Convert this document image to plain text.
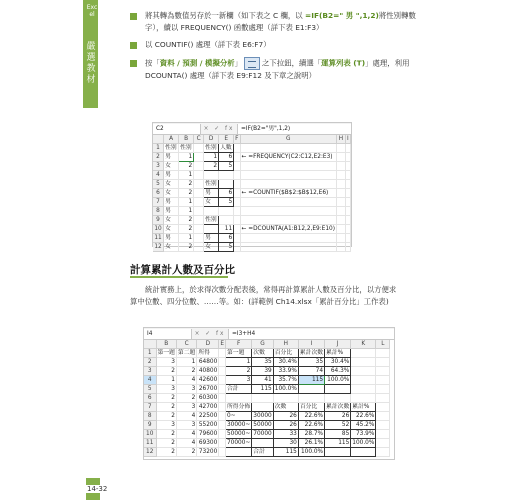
嚴
選
教
材
Excel	將其轉為數值另存於一新欄（如下表之 C 欄，以 =IF(B2=" 男 ",1,2)將性別轉數字），續以 FREQUENCY() 函數處理（詳下表 E1:F3）
以 COUNTIF() 處理（詳下表 E6:F7）
按「資料 / 預測 / 模擬分析」	之下拉鈕，續選「運算列表 (T)」處理，利用 DCOUNTA() 處理（詳下表 E9:F12 及下章之說明）
C2	× ✓ fx	=IF(B2="男",1,2)
	A	B	C	D	E	F	G	H	I
1	性別	性別		性別	人數				
2	男	1		1	6		← =FREQUENCY(C2:C12,E2:E3)		
3	女	2		2	5				
4	男	1							
5	女	2		性別					
6	女	2		男	6		← =COUNTIF($B$2:$B$12,E6)		
7	男	1		女	5				
8	男	1							
9	女	2		性別					
10	女	2			11		← =DCOUNTA(A1:B12,2,E9:E10)		
11	男	1		男	6				
12	女	2		女	5				
計算累計人數及百分比
統計實務上，於求得次數分配表後，常得再計算累計人數及百分比，以方便求算中位數、四分位數、……等。如：(詳範例 Ch14.xlsx「累計百分比」工作表)
I4	× ✓ fx	=I3+H4
	B	C	D	E	F	G	H	I	J	K	L
1	第一題	第二題	所得		第一題	次數	百分比	累計次數	累計%		
2	3	1	64800		1	35	30.4%	35	30.4%		
3	2	2	40800		2	39	33.9%	74	64.3%		
4	1	4	42600		3	41	35.7%	115	100.0%		
5	3	3	26700		合計	115	100.0%				
6	2	2	60300								
7	2	3	42700		所得分佈		次數	百分比	累計次數	累計%	
8	2	4	22500		0~	30000	26	22.6%	26	22.6%	
9	3	3	55200		30000~	50000	26	22.6%	52	45.2%	
10	2	4	79600		50000~	70000	33	28.7%	85	73.9%	
11	2	4	69300		70000~		30	26.1%	115	100.0%	
12	2	2	73200			合計	115	100.0%			
14-32
